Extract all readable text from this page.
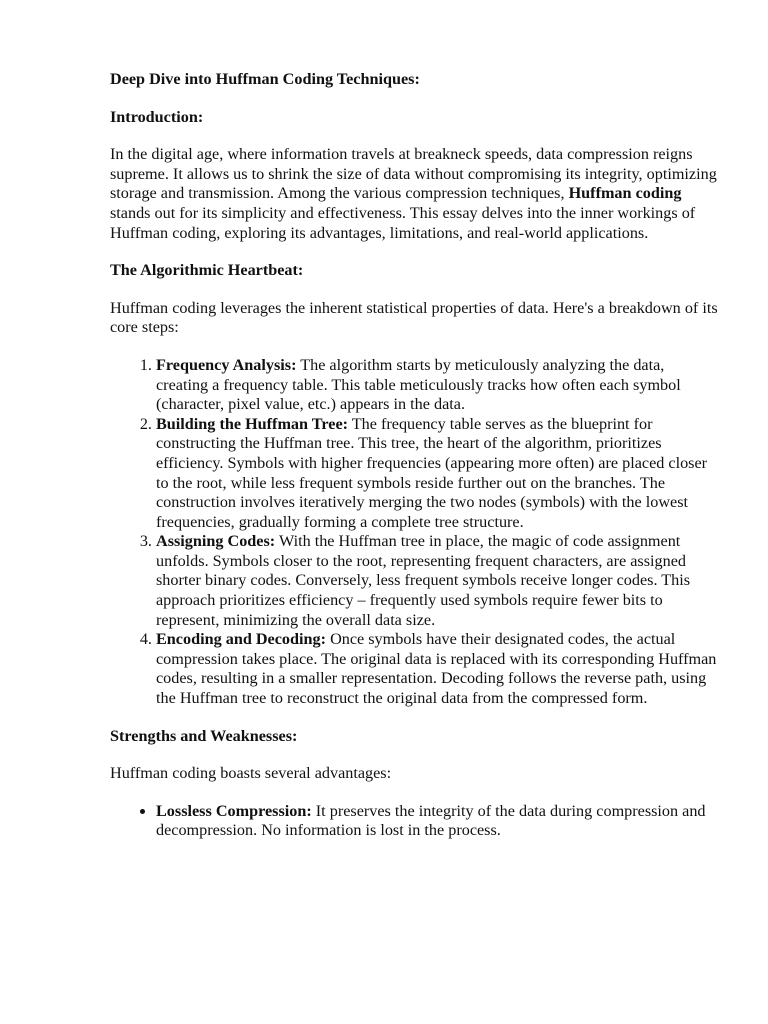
Deep Dive into Huffman Coding Techniques:
Introduction:

In the digital age, where information travels at breakneck speeds, data compression reigns supreme. It allows us to shrink the size of data without compromising its integrity, optimizing storage and transmission. Among the various compression techniques, Huffman coding stands out for its simplicity and effectiveness. This essay delves into the inner workings of Huffman coding, exploring its advantages, limitations, and real-world applications.

The Algorithmic Heartbeat:

Huffman coding leverages the inherent statistical properties of data. Here's a breakdown of its core steps:

1. Frequency Analysis: The algorithm starts by meticulously analyzing the data, creating a frequency table. This table meticulously tracks how often each symbol (character, pixel value, etc.) appears in the data.
2. Building the Huffman Tree: The frequency table serves as the blueprint for constructing the Huffman tree. This tree, the heart of the algorithm, prioritizes efficiency. Symbols with higher frequencies (appearing more often) are placed closer to the root, while less frequent symbols reside further out on the branches. The construction involves iteratively merging the two nodes (symbols) with the lowest frequencies, gradually forming a complete tree structure.
3. Assigning Codes: With the Huffman tree in place, the magic of code assignment unfolds. Symbols closer to the root, representing frequent characters, are assigned shorter binary codes. Conversely, less frequent symbols receive longer codes. This approach prioritizes efficiency – frequently used symbols require fewer bits to represent, minimizing the overall data size.
4. Encoding and Decoding: Once symbols have their designated codes, the actual compression takes place. The original data is replaced with its corresponding Huffman codes, resulting in a smaller representation. Decoding follows the reverse path, using the Huffman tree to reconstruct the original data from the compressed form.
Strengths and Weaknesses:

Huffman coding boasts several advantages:

• Lossless Compression: It preserves the integrity of the data during compression and decompression. No information is lost in the process.
